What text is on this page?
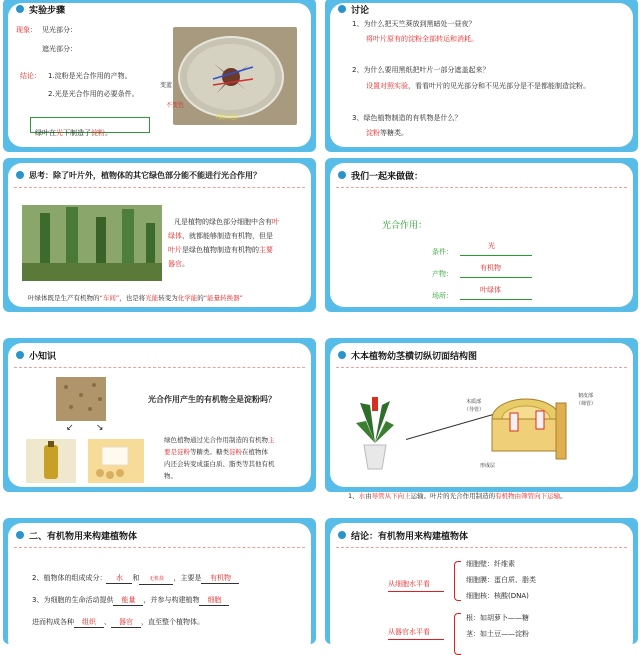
实验步骤
现象： 见光部分：
遮光部分：
结论： 1.淀粉是光合作用的产物。
2.光是光合作用的必要条件。
变蓝
不变色
（黄白色）
绿叶在光下制造了淀粉。
讨论
1、为什么把天竺葵放到黑暗处一昼夜？
将叶片原有的淀粉全部转运和消耗。
2、为什么要用黑纸把叶片一部分遮盖起来？
设置对照实验，看看叶片的见光部分和不见光部分是不是都能制造淀粉。
3、绿色植物制造的有机物是什么？
淀粉等糖类。
思考：除了叶片外，植物体的其它绿色部分能不能进行光合作用？
凡是植物的绿色部分细胞中含有叶
绿体，就都能够制造有机物，但是
叶片是绿色植物制造有机物的主要
器官。
叶绿体既是生产有机物的“车间”，也是将光能转变为化学能的“能量转换器”
我们一起来做做：
光合作用：
条件：
光
产物：
有机物
场所：
叶绿体
小知识
↙ ↘
光合作用产生的有机物全是淀粉吗？
绿色植物通过光合作用制造的有机物主
要是淀粉等糖类。糖类淀粉在植物体
内还会转变成蛋白质、脂类等其他有机
物。
木本植物幼茎横切纵切面结构图
木质部
（导管）
韧皮部
（筛管）
形成层
1、水由导管从下向上运输。叶片的光合作用制造的有机物由筛管向下运输。
二、有机物用来构建植物体
2、植物体的组成成分： 水 和 无机盐 ，主要是 有机物
3、为细胞的生命活动提供 能量 ，并参与构建植物 细胞
进而构成各种 组织 、 器官 ，直至整个植物体。
结论：有机物用来构建植物体
从细胞水平看
细胞壁：纤维素
细胞膜：蛋白质、脂类
细胞核：核酸(DNA)
从器官水平看
根：如胡萝卜——糖
茎：如土豆——淀粉
